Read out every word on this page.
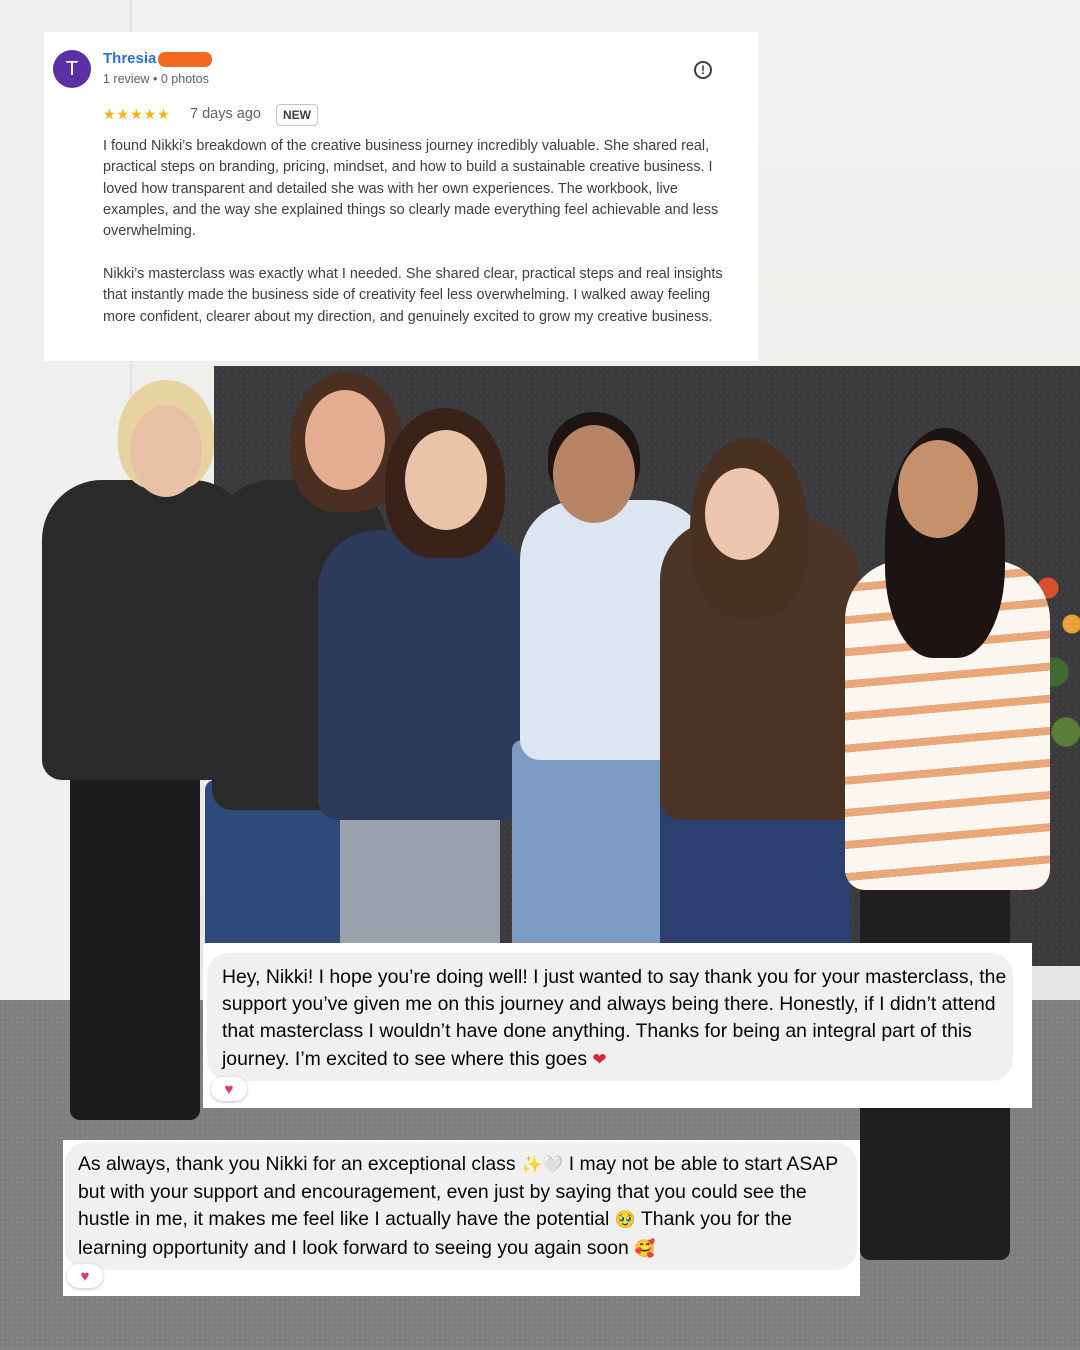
T	Thresia
1 review • 0 photos
!
★★★★★ 7 days ago	NEW

I found Nikki’s breakdown of the creative business journey incredibly valuable. She shared real, practical steps on branding, pricing, mindset, and how to build a sustainable creative business. I loved how transparent and detailed she was with her own experiences. The workbook, live examples, and the way she explained things so clearly made everything feel achievable and less overwhelming.

Nikki’s masterclass was exactly what I needed. She shared clear, practical steps and real insights that instantly made the business side of creativity feel less overwhelming. I walked away feeling more confident, clearer about my direction, and genuinely excited to grow my creative business.

Hey, Nikki! I hope you’re doing well! I just wanted to say thank you for your masterclass, the support you’ve given me on this journey and always being there. Honestly, if I didn’t attend that masterclass I wouldn’t have done anything. Thanks for being an integral part of this journey. I’m excited to see where this goes ❤

♥

As always, thank you Nikki for an exceptional class ✨🤍 I may not be able to start ASAP but with your support and encouragement, even just by saying that you could see the hustle in me, it makes me feel like I actually have the potential 🥹 Thank you for the learning opportunity and I look forward to seeing you again soon 🥰

♥
